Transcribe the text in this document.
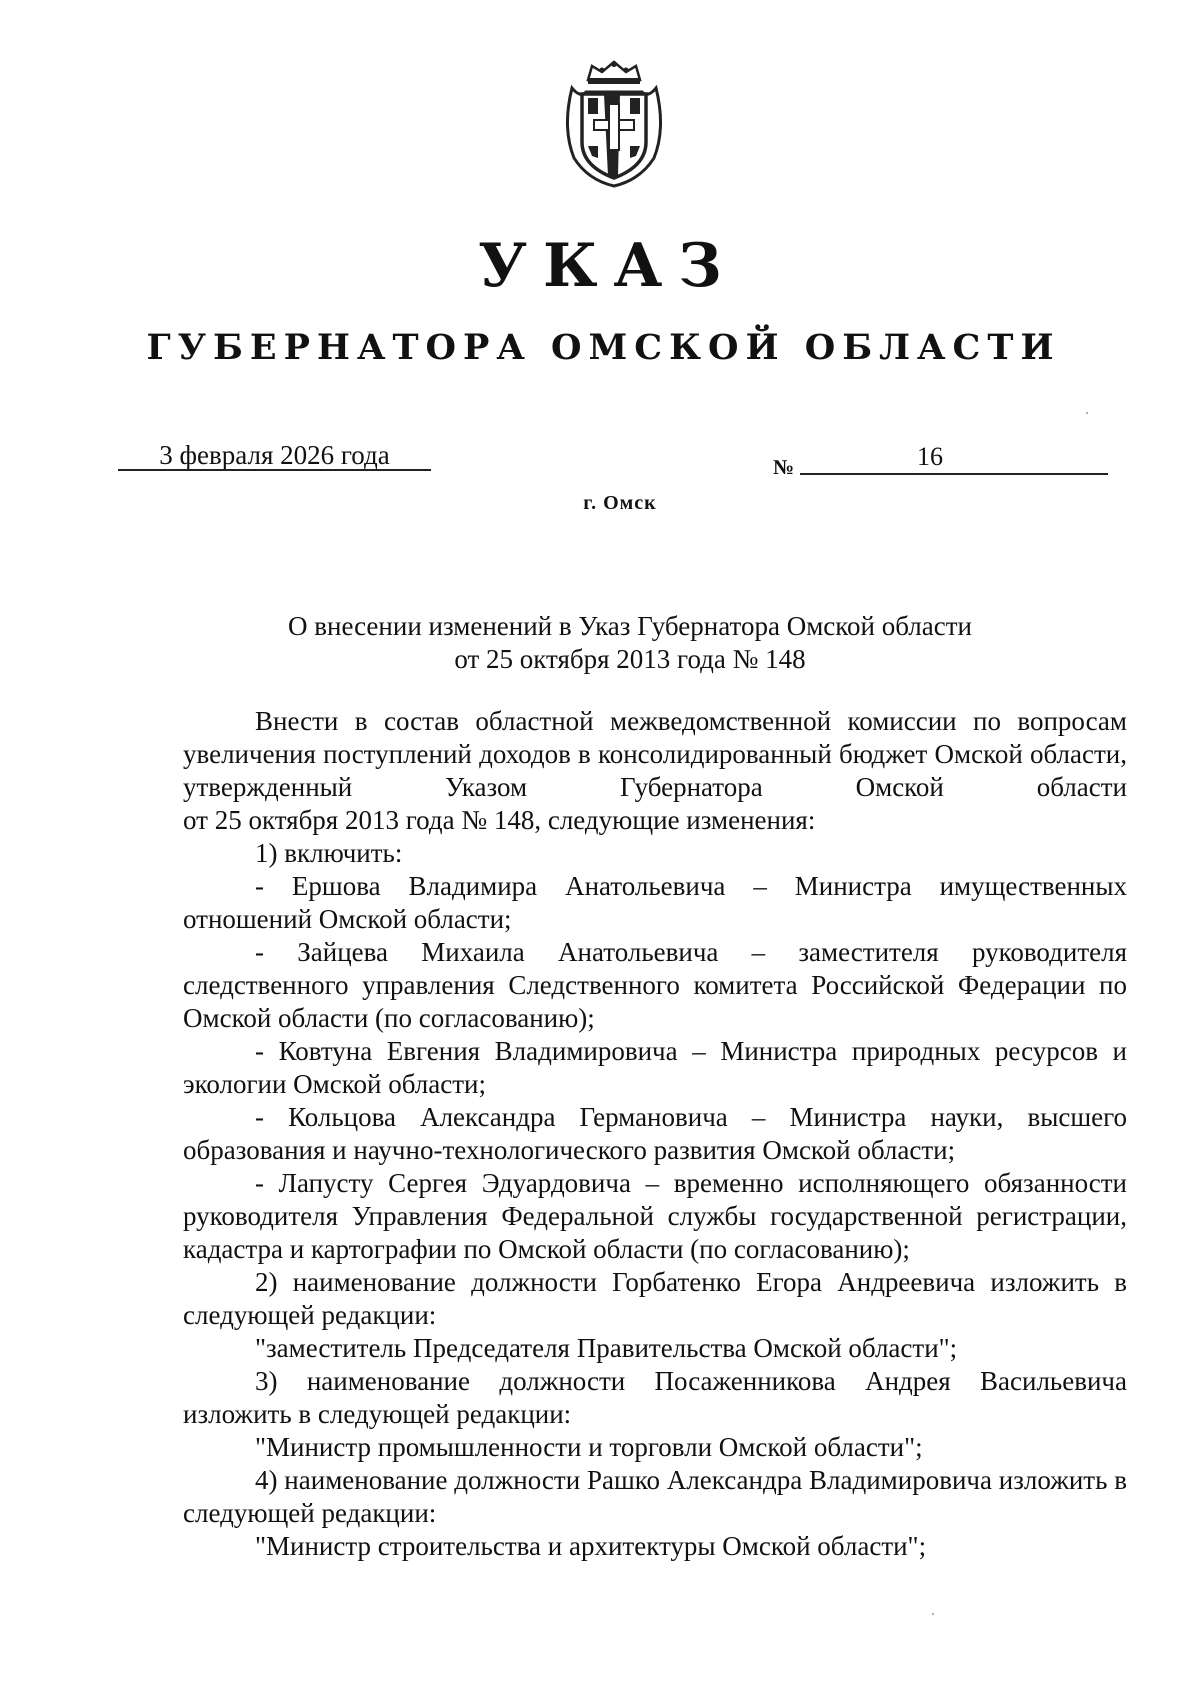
УКАЗ
ГУБЕРНАТОРА ОМСКОЙ ОБЛАСТИ
3 февраля 2026 года	№	16
г. Омск
О внесении изменений в Указ Губернатора Омской области
от 25 октября 2013 года № 148

Внести в состав областной межведомственной комиссии по вопросам увеличения поступлений доходов в консолидированный бюджет Омской области, утвержденный Указом Губернатора Омской области

от 25 октября 2013 года № 148, следующие изменения:

1) включить:

- Ершова Владимира Анатольевича – Министра имущественных отношений Омской области;

- Зайцева Михаила Анатольевича – заместителя руководителя следственного управления Следственного комитета Российской Федерации по Омской области (по согласованию);

- Ковтуна Евгения Владимировича – Министра природных ресурсов и экологии Омской области;

- Кольцова Александра Германовича – Министра науки, высшего образования и научно-технологического развития Омской области;

- Лапусту Сергея Эдуардовича – временно исполняющего обязанности руководителя Управления Федеральной службы государственной регистрации, кадастра и картографии по Омской области (по согласованию);

2) наименование должности Горбатенко Егора Андреевича изложить в следующей редакции:

"заместитель Председателя Правительства Омской области";

3) наименование должности Посаженникова Андрея Васильевича изложить в следующей редакции:

"Министр промышленности и торговли Омской области";

4) наименование должности Рашко Александра Владимировича изложить в следующей редакции:

"Министр строительства и архитектуры Омской области";
